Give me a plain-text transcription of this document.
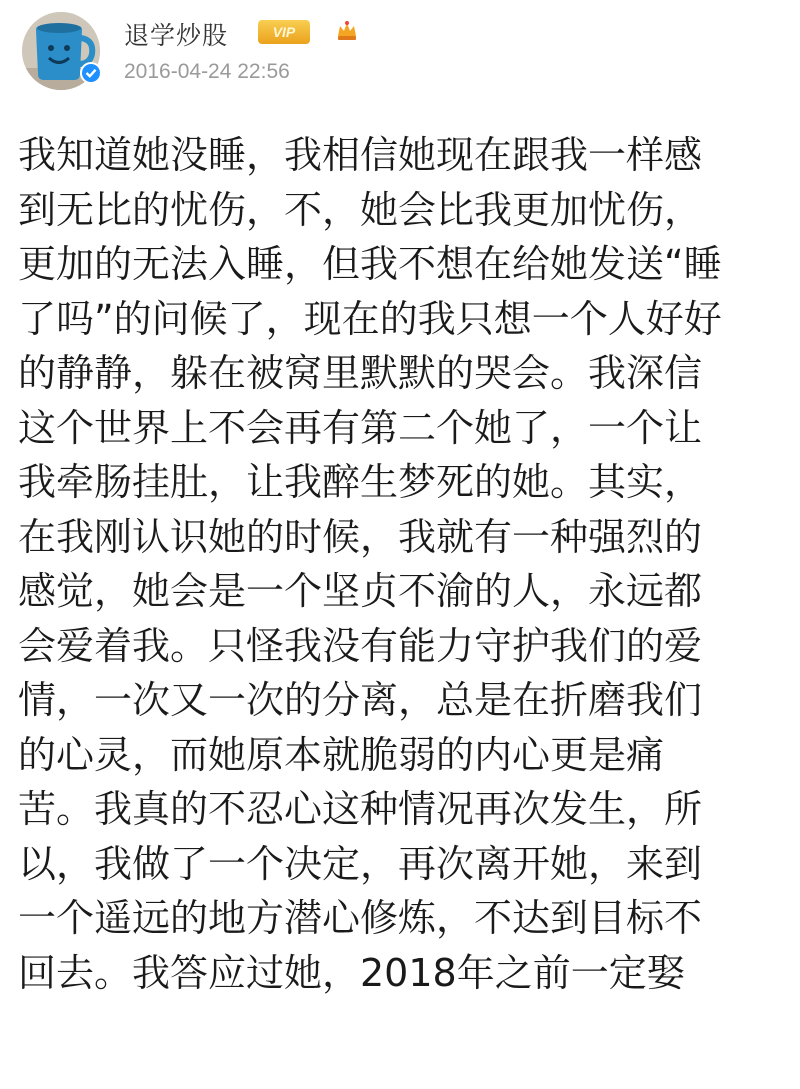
退学炒股	VIP
2016-04-24 22:56
我知道她没睡，我相信她现在跟我一样感
到无比的忧伤，不，她会比我更加忧伤，
更加的无法入睡，但我不想在给她发送“睡
了吗”的问候了，现在的我只想一个人好好
的静静，躲在被窝里默默的哭会。我深信
这个世界上不会再有第二个她了，一个让
我牵肠挂肚，让我醉生梦死的她。其实，
在我刚认识她的时候，我就有一种强烈的
感觉，她会是一个坚贞不渝的人，永远都
会爱着我。只怪我没有能力守护我们的爱
情，一次又一次的分离，总是在折磨我们
的心灵，而她原本就脆弱的内心更是痛
苦。我真的不忍心这种情况再次发生，所
以，我做了一个决定，再次离开她，来到
一个遥远的地方潜心修炼，不达到目标不
回去。我答应过她，2018年之前一定娶
